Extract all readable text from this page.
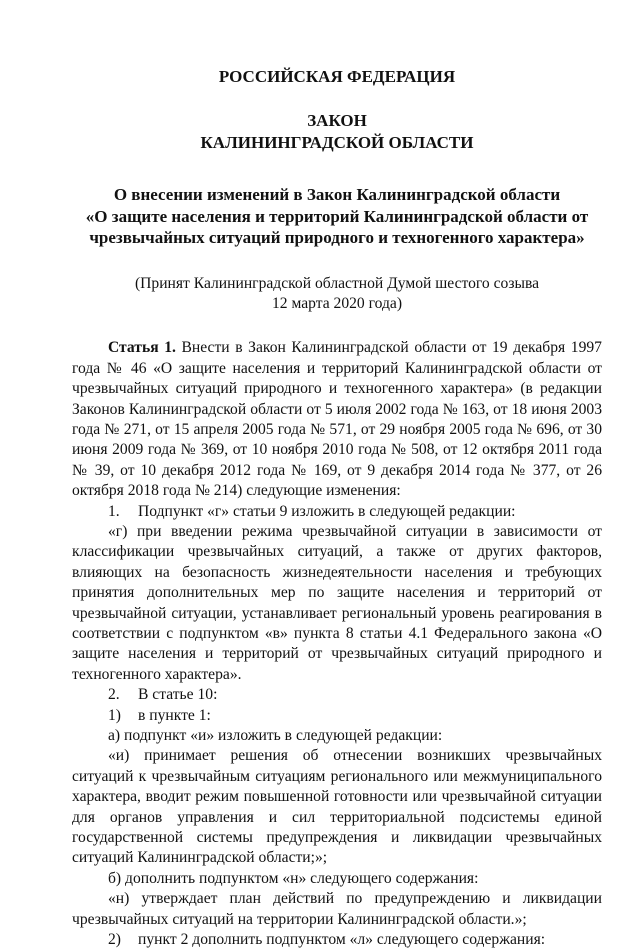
РОССИЙСКАЯ ФЕДЕРАЦИЯ
ЗАКОН
КАЛИНИНГРАДСКОЙ ОБЛАСТИ
О внесении изменений в Закон Калининградской области
«О защите населения и территорий Калининградской области от
чрезвычайных ситуаций природного и техногенного характера»
(Принят Калининградской областной Думой шестого созыва
12 марта 2020 года)

Статья 1. Внести в Закон Калининградской области от 19 декабря 1997 года № 46 «О защите населения и территорий Калининградской области от чрезвычайных ситуаций природного и техногенного характера» (в редакции Законов Калининградской области от 5 июля 2002 года № 163, от 18 июня 2003 года № 271, от 15 апреля 2005 года № 571, от 29 ноября 2005 года № 696, от 30 июня 2009 года № 369, от 10 ноября 2010 года № 508, от 12 октября 2011 года № 39, от 10 декабря 2012 года № 169, от 9 декабря 2014 года № 377, от 26 октября 2018 года № 214) следующие изменения:

1.	Подпункт «г» статьи 9 изложить в следующей редакции:

«г) при введении режима чрезвычайной ситуации в зависимости от классификации чрезвычайных ситуаций, а также от других факторов, влияющих на безопасность жизнедеятельности населения и требующих принятия дополнительных мер по защите населения и территорий от чрезвычайной ситуации, устанавливает региональный уровень реагирования в соответствии с подпунктом «в» пункта 8 статьи 4.1 Федерального закона «О защите населения и территорий от чрезвычайных ситуаций природного и техногенного характера».

2.	В статье 10:
1)	в пункте 1:

а) подпункт «и» изложить в следующей редакции:

«и) принимает решения об отнесении возникших чрезвычайных ситуаций к чрезвычайным ситуациям регионального или межмуниципального характера, вводит режим повышенной готовности или чрезвычайной ситуации для органов управления и сил территориальной подсистемы единой государственной системы предупреждения и ликвидации чрезвычайных ситуаций Калининградской области;»;

б) дополнить подпунктом «н» следующего содержания:

«н) утверждает план действий по предупреждению и ликвидации чрезвычайных ситуаций на территории Калининградской области.»;

2)	пункт 2 дополнить подпунктом «л» следующего содержания:
